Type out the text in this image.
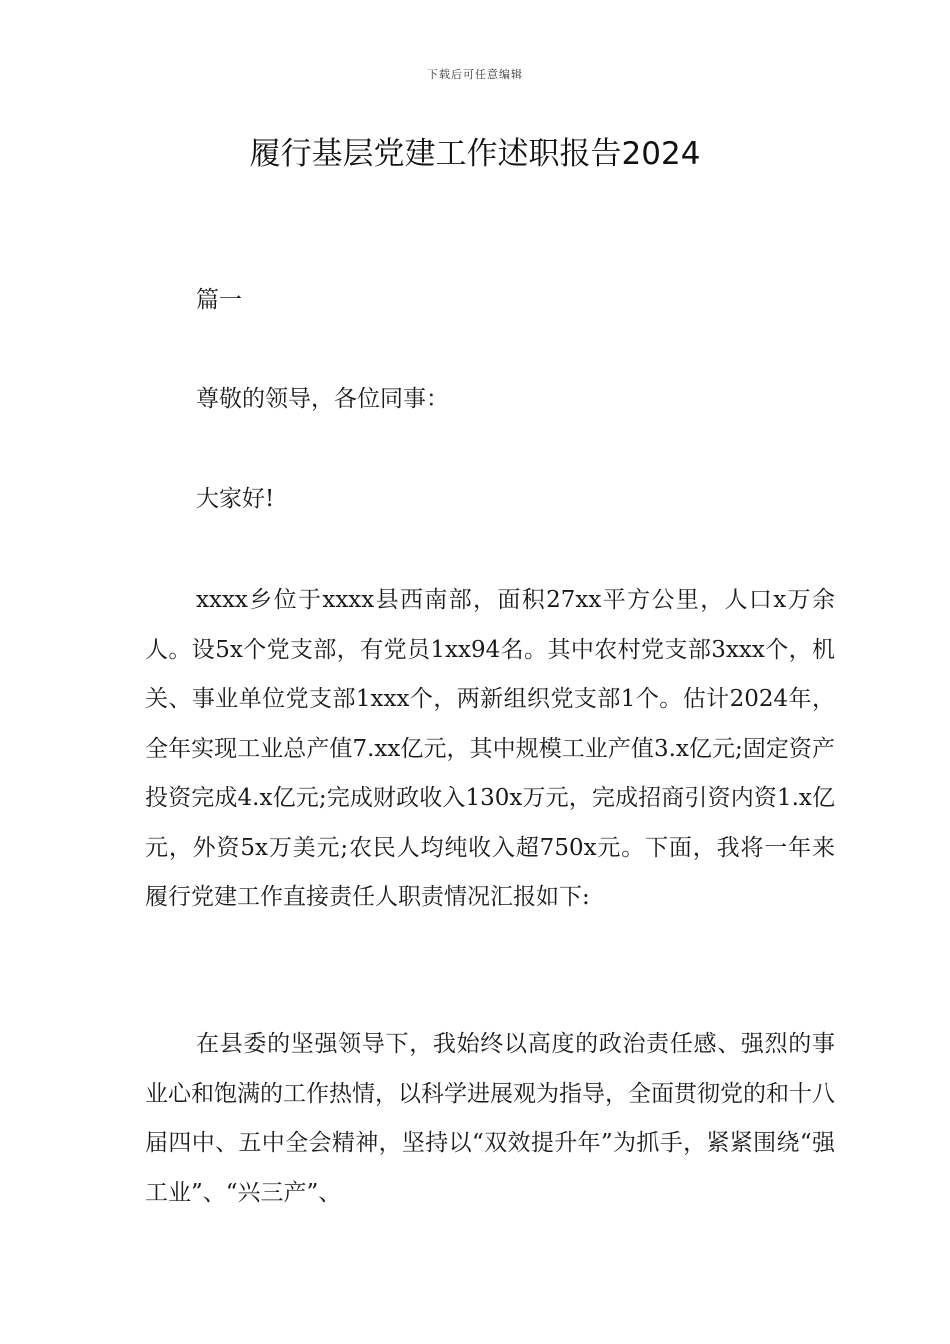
下载后可任意编辑
履行基层党建工作述职报告2024
篇一
尊敬的领导，各位同事：
大家好!

xxxx乡位于xxxx县西南部，面积27xx平方公里，人口x万余人。设5x个党支部，有党员1xx94名。其中农村党支部3xxx个，机关、事业单位党支部1xxx个，两新组织党支部1个。估计2024年，全年实现工业总产值7.xx亿元，其中规模工业产值3.x亿元;固定资产投资完成4.x亿元;完成财政收入130x万元，完成招商引资内资1.x亿元，外资5x万美元;农民人均纯收入超750x元。下面，我将一年来履行党建工作直接责任人职责情况汇报如下:

在县委的坚强领导下，我始终以高度的政治责任感、强烈的事业心和饱满的工作热情，以科学进展观为指导，全面贯彻党的和十八届四中、五中全会精神，坚持以“双效提升年”为抓手，紧紧围绕“强工业”、“兴三产”、
